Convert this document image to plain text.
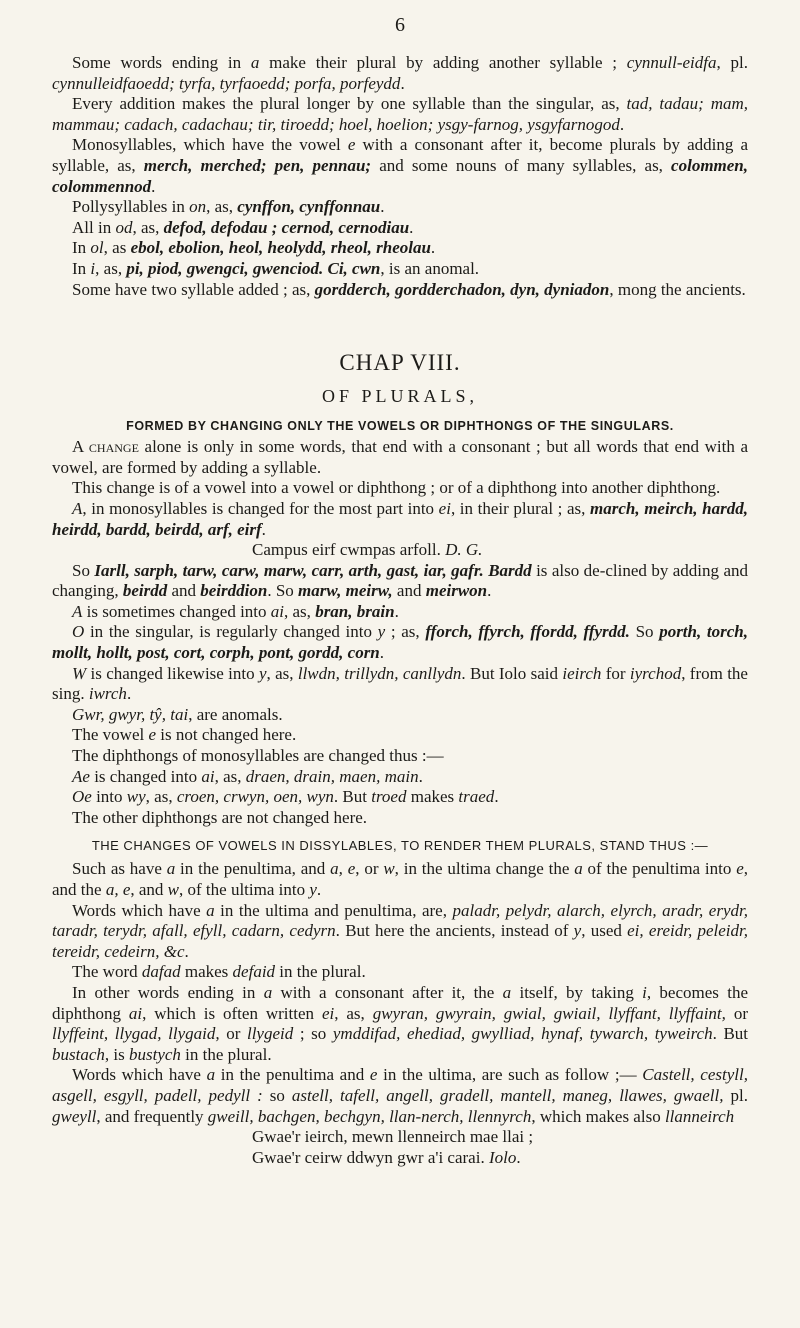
6

Some words ending in a make their plural by adding another syllable ; cynnull-eidfa, pl. cynnulleidfaoedd; tyrfa, tyrfaoedd; porfa, porfeydd.

Every addition makes the plural longer by one syllable than the singular, as, tad, tadau; mam, mammau; cadach, cadachau; tir, tiroedd; hoel, hoelion; ysgy-farnog, ysgyfarnogod.

Monosyllables, which have the vowel e with a consonant after it, become plurals by adding a syllable, as, merch, merched; pen, pennau; and some nouns of many syllables, as, colommen, colommennod.

Pollysyllables in on, as, cynffon, cynffonnau.

All in od, as, defod, defodau ; cernod, cernodiau.

In ol, as ebol, ebolion, heol, heolydd, rheol, rheolau.

In i, as, pi, piod, gwengci, gwenciod. Ci, cwn, is an anomal.

Some have two syllable added ; as, gordderch, gordderchadon, dyn, dyniadon, mong the ancients.

CHAP VIII.
OF PLURALS,
FORMED BY CHANGING ONLY THE VOWELS OR DIPHTHONGS OF THE SINGULARS.

A change alone is only in some words, that end with a consonant ; but all words that end with a vowel, are formed by adding a syllable.

This change is of a vowel into a vowel or diphthong ; or of a diphthong into another diphthong.

A, in monosyllables is changed for the most part into ei, in their plural ; as, march, meirch, hardd, heirdd, bardd, beirdd, arf, eirf.

Campus eirf cwmpas arfoll. D. G.

So Iarll, sarph, tarw, carw, marw, carr, arth, gast, iar, gafr. Bardd is also de-clined by adding and changing, beirdd and beirddion. So marw, meirw, and meirwon.

A is sometimes changed into ai, as, bran, brain.

O in the singular, is regularly changed into y ; as, fforch, ffyrch, ffordd, ffyrdd. So porth, torch, mollt, hollt, post, cort, corph, pont, gordd, corn.

W is changed likewise into y, as, llwdn, trillydn, canllydn. But Iolo said ieirch for iyrchod, from the sing. iwrch.

Gwr, gwyr, tŷ, tai, are anomals.

The vowel e is not changed here.

The diphthongs of monosyllables are changed thus :—

Ae is changed into ai, as, draen, drain, maen, main.

Oe into wy, as, croen, crwyn, oen, wyn. But troed makes traed.

The other diphthongs are not changed here.

THE CHANGES OF VOWELS IN DISSYLABLES, TO RENDER THEM PLURALS, STAND THUS :—

Such as have a in the penultima, and a, e, or w, in the ultima change the a of the penultima into e, and the a, e, and w, of the ultima into y.

Words which have a in the ultima and penultima, are, paladr, pelydr, alarch, elyrch, aradr, erydr, taradr, terydr, afall, efyll, cadarn, cedyrn. But here the ancients, instead of y, used ei, ereidr, peleidr, tereidr, cedeirn, &c.

The word dafad makes defaid in the plural.

In other words ending in a with a consonant after it, the a itself, by taking i, becomes the diphthong ai, which is often written ei, as, gwyran, gwyrain, gwial, gwiail, llyffant, llyffaint, or llyffeint, llygad, llygaid, or llygeid ; so ymddifad, ehediad, gwylliad, hynaf, tywarch, tyweirch. But bustach, is bustych in the plural.

Words which have a in the penultima and e in the ultima, are such as follow ;— Castell, cestyll, asgell, esgyll, padell, pedyll : so astell, tafell, angell, gradell, mantell, maneg, llawes, gwaell, pl. gweyll, and frequently gweill, bachgen, bechgyn, llan-nerch, llennyrch, which makes also llanneirch

Gwae'r ieirch, mewn llenneirch mae llai ;

Gwae'r ceirw ddwyn gwr a'i carai. Iolo.
